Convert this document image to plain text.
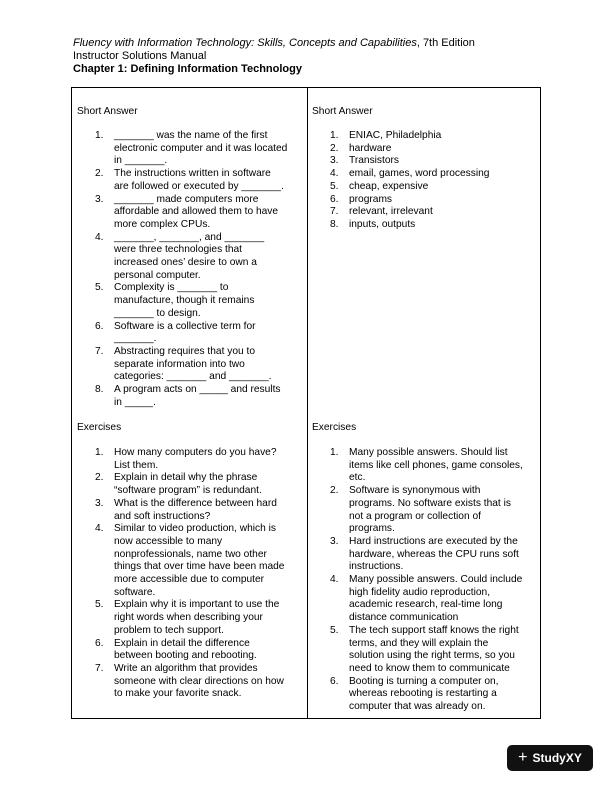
Fluency with Information Technology: Skills, Concepts and Capabilities, 7th Edition
Instructor Solutions Manual
Chapter 1: Defining Information Technology
Short Answer
1. _______ was the name of the first
electronic computer and it was located
in _______.
2. The instructions written in software
are followed or executed by _______.
3. _______ made computers more
affordable and allowed them to have
more complex CPUs.
4. _______, _______, and _______
were three technologies that
increased ones’ desire to own a
personal computer.
5. Complexity is _______ to
manufacture, though it remains
_______ to design.
6. Software is a collective term for
_______.
7. Abstracting requires that you to
separate information into two
categories: _______ and _______.
8. A program acts on _____ and results
in _____.
Exercises
1. How many computers do you have?
List them.
2. Explain in detail why the phrase
“software program” is redundant.
3. What is the difference between hard
and soft instructions?
4. Similar to video production, which is
now accessible to many
nonprofessionals, name two other
things that over time have been made
more accessible due to computer
software.
5. Explain why it is important to use the
right words when describing your
problem to tech support.
6. Explain in detail the difference
between booting and rebooting.
7. Write an algorithm that provides
someone with clear directions on how
to make your favorite snack.
Short Answer
1. ENIAC, Philadelphia
2. hardware
3. Transistors
4. email, games, word processing
5. cheap, expensive
6. programs
7. relevant, irrelevant
8. inputs, outputs
Exercises
1. Many possible answers. Should list
items like cell phones, game consoles,
etc.
2. Software is synonymous with
programs. No software exists that is
not a program or collection of
programs.
3. Hard instructions are executed by the
hardware, whereas the CPU runs soft
instructions.
4. Many possible answers. Could include
high fidelity audio reproduction,
academic research, real-time long
distance communication
5. The tech support staff knows the right
terms, and they will explain the
solution using the right terms, so you
need to know them to communicate
6. Booting is turning a computer on,
whereas rebooting is restarting a
computer that was already on.
+ StudyXY
